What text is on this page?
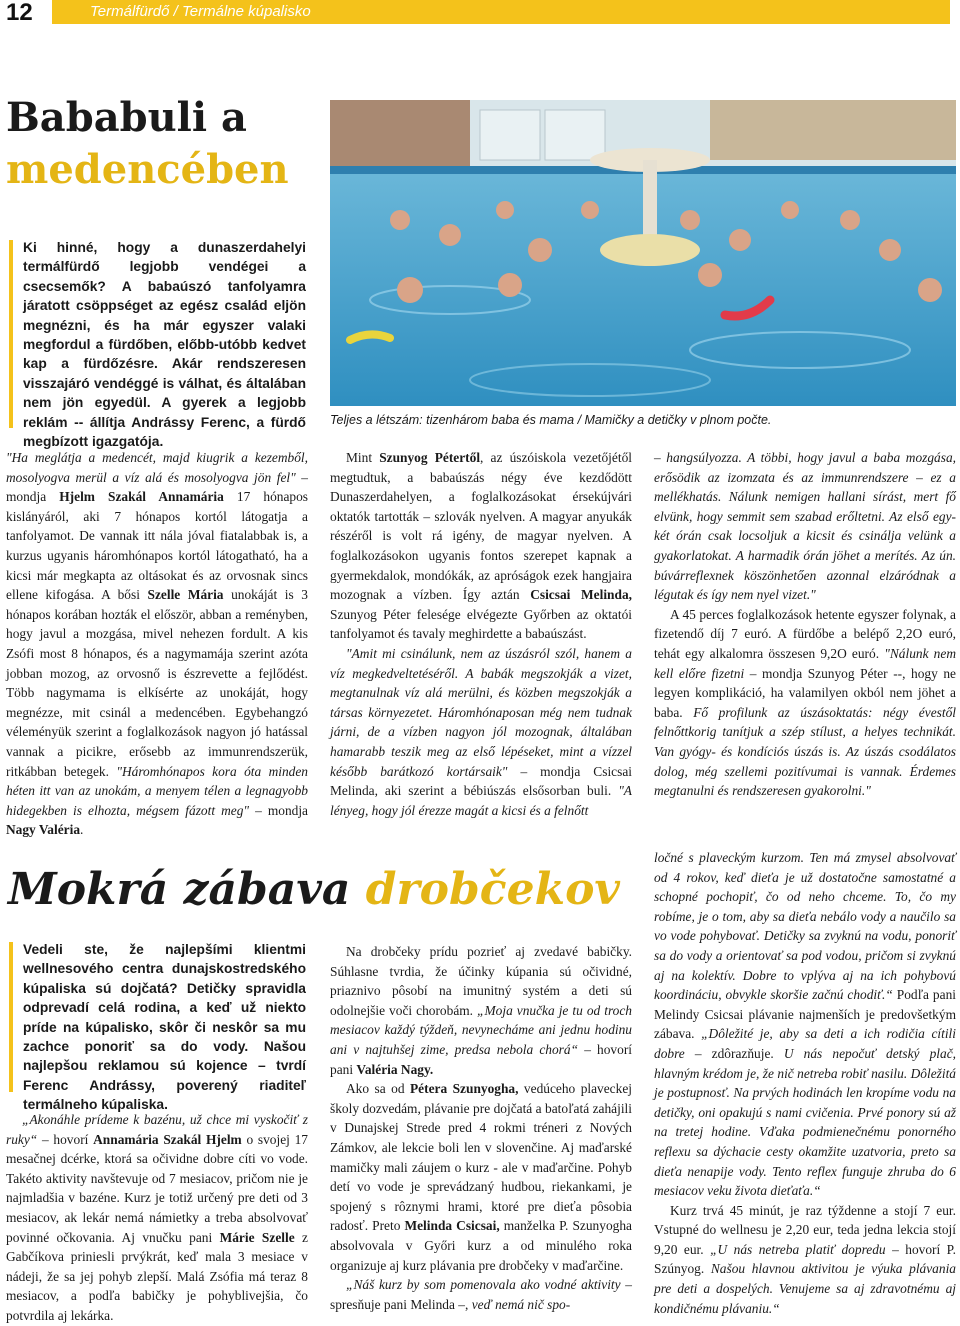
12	Termálfürdő / Termálne kúpalisko
Bababuli a
medencében
Ki hinné, hogy a dunaszerdahelyi termálfürdő legjobb vendégei a csecsemők? A babaúszó tanfolyamra járatott csöppséget az egész család eljön megnézni, és ha már egyszer valaki megfordul a fürdőben, előbb-utóbb kedvet kap a fürdőzésre. Akár rendszeresen visszajáró vendéggé is válhat, és általában nem jön egyedül. A gyerek a legjobb reklám -- állítja Andrássy Ferenc, a fürdő megbízott igazgatója.
Teljes a létszám: tizenhárom baba és mama / Mamičky a detičky v plnom počte.

"Ha meglátja a medencét, majd kiugrik a kezemből, mosolyogva merül a víz alá és mosolyogva jön fel" – mondja Hjelm Szakál Annamária 17 hónapos kislányáról, aki 7 hónapos kortól látogatja a tanfolyamot. De vannak itt nála jóval fiatalabbak is, a kurzus ugyanis háromhónapos kortól látogatható, ha a kicsi már megkapta az oltásokat és az orvosnak sincs ellene kifogása. A bősi Szelle Mária unokáját is 3 hónapos korában hozták el először, abban a reményben, hogy javul a mozgása, mivel nehezen fordult. A kis Zsófi most 8 hónapos, és a nagymamája szerint azóta jobban mozog, az orvosnő is észrevette a fejlődést. Több nagymama is elkísérte az unokáját, hogy megnézze, mit csinál a medencében. Egybehangzó véleményük szerint a foglalkozások nagyon jó hatással vannak a picikre, erősebb az immunrendszerük, ritkábban betegek. "Háromhónapos kora óta minden héten itt van az unokám, a menyem télen a legnagyobb hidegekben is elhozta, mégsem fázott meg" – mondja Nagy Valéria.

Mint Szunyog Pétertől, az úszóiskola vezetőjétől megtudtuk, a babaúszás négy éve kezdődött Dunaszerdahelyen, a foglalkozásokat érsekújvári oktatók tartották – szlovák nyelven. A magyar anyukák részéről is volt rá igény, de magyar nyelven. A foglalkozásokon ugyanis fontos szerepet kapnak a gyermekdalok, mondókák, az apróságok ezek hangjaira mozognak a vízben. Így aztán Csicsai Melinda, Szunyog Péter felesége elvégezte Győrben az oktatói tanfolyamot és tavaly meghirdette a babaúszást.

"Amit mi csinálunk, nem az úszásról szól, hanem a víz megkedveltetéséről. A babák megszokják a vizet, megtanulnak víz alá merülni, és közben megszokják a társas környezetet. Háromhónaposan még nem tudnak járni, de a vízben nagyon jól mozognak, általában hamarabb teszik meg az első lépéseket, mint a vízzel később barátkozó kortársaik" – mondja Csicsai Melinda, aki szerint a bébiúszás elsősorban buli. "A lényeg, hogy jól érezze magát a kicsi és a felnőtt

– hangsúlyozza. A többi, hogy javul a baba mozgása, erősödik az izomzata és az immunrendszere – ez a mellékhatás. Nálunk nemigen hallani sírást, mert fő elvünk, hogy semmit sem szabad erőltetni. Az első egy-két órán csak locsoljuk a kicsit és csinálja velünk a gyakorlatokat. A harmadik órán jöhet a merítés. Az ún. búvárreflexnek köszönhetően azonnal elzáródnak a légutak és így nem nyel vizet."

A 45 perces foglalkozások hetente egyszer folynak, a fizetendő díj 7 euró. A fürdőbe a belépő 2,2O euró, tehát egy alkalomra összesen 9,2O euró. "Nálunk nem kell előre fizetni – mondja Szunyog Péter --, hogy ne legyen komplikáció, ha valamilyen okból nem jöhet a baba. Fő profilunk az úszásoktatás: négy évestől felnőttkorig tanítjuk a szép stílust, a helyes technikát. Van gyógy- és kondíciós úszás is. Az úszás csodálatos dolog, még szellemi pozitívumai is vannak. Érdemes megtanulni és rendszeresen gyakorolni."

Mokrá zábava drobčekov
Vedeli ste, že najlepšími klientmi wellnesového centra dunajskostredského kúpaliska sú dojčatá? Detičky spravidla odprevadí celá rodina, a keď už niekto príde na kúpalisko, skôr či neskôr sa mu zachce ponoriť sa do vody. Našou najlepšou reklamou sú kojence – tvrdí Ferenc Andrássy, poverený riaditeľ termálneho kúpaliska.

„Akonáhle prídeme k bazénu, už chce mi vyskočiť z ruky“ – hovorí Annamária Szakál Hjelm o svojej 17 mesačnej dcérke, ktorá sa očividne dobre cíti vo vode. Takéto aktivity navštevuje od 7 mesiacov, pričom nie je najmladšia v bazéne. Kurz je totiž určený pre deti od 3 mesiacov, ak lekár nemá námietky a treba absolvovať povinné očkovania. Aj vnučku pani Márie Szelle z Gabčíkova priniesli prvýkrát, keď mala 3 mesiace v nádeji, že sa jej pohyb zlepší. Malá Zsófia má teraz 8 mesiacov, a podľa babičky je pohyblivejšia, čo potvrdila aj lekárka.

Na drobčeky prídu pozrieť aj zvedavé babičky. Súhlasne tvrdia, že účinky kúpania sú očividné, priaznivo pôsobí na imunitný systém a deti sú odolnejšie voči chorobám. „Moja vnučka je tu od troch mesiacov každý týždeň, nevynecháme ani jednu hodinu ani v najtuhšej zime, predsa nebola chorá“ – hovorí pani Valéria Nagy.

Ako sa od Pétera Szunyogha, vedúceho plaveckej školy dozvedám, plávanie pre dojčatá a batoľatá zahájili v Dunajskej Strede pred 4 rokmi tréneri z Nových Zámkov, ale lekcie boli len v slovenčine. Aj maďarské mamičky mali záujem o kurz - ale v maďarčine. Pohyb detí vo vode je sprevádzaný hudbou, riekankami, je spojený s rôznymi hrami, ktoré pre dieťa pôsobia radosť. Preto Melinda Csicsai, manželka P. Szunyogha absolvovala v Győri kurz a od minulého roka organizuje aj kurz plávania pre drobčeky v maďarčine.

„Náš kurz by som pomenovala ako vodné aktivity – spresňuje pani Melinda –, veď nemá nič spo-

ločné s plaveckým kurzom. Ten má zmysel absolvovať od 4 rokov, keď dieťa je už dostatočne samostatné a schopné pochopiť, čo od neho chceme. To, čo my robíme, je o tom, aby sa dieťa nebálo vody a naučilo sa vo vode pohybovať. Detičky sa zvyknú na vodu, ponoriť sa do vody a orientovať sa pod vodou, pričom si zvyknú aj na kolektív. Dobre to vplýva aj na ich pohybovú koordináciu, obvykle skoršie začnú chodiť.“ Podľa pani Melindy Csicsai plávanie najmenších je predovšetkým zábava. „Dôležité je, aby sa deti a ich rodičia cítili dobre – zdôrazňuje. U nás nepočuť detský plač, hlavným krédom je, že nič netreba robiť nasilu. Dôležitá je postupnosť. Na prvých hodinách len kropíme vodu na detičky, oni opakujú s nami cvičenia. Prvé ponory sú až na tretej hodine. Vďaka podmienečnému ponorného reflexu sa dýchacie cesty okamžite uzatvoria, preto sa dieťa nenapije vody. Tento reflex funguje zhruba do 6 mesiacov veku života dieťaťa.“

Kurz trvá 45 minút, je raz týždenne a stojí 7 eur. Vstupné do wellnesu je 2,20 eur, teda jedna lekcia stojí 9,20 eur. „U nás netreba platiť dopredu – hovorí P. Szúnyog. Našou hlavnou aktivitou je výuka plávania pre deti a dospelých. Venujeme sa aj zdravotnému aj kondičnému plávaniu.“
